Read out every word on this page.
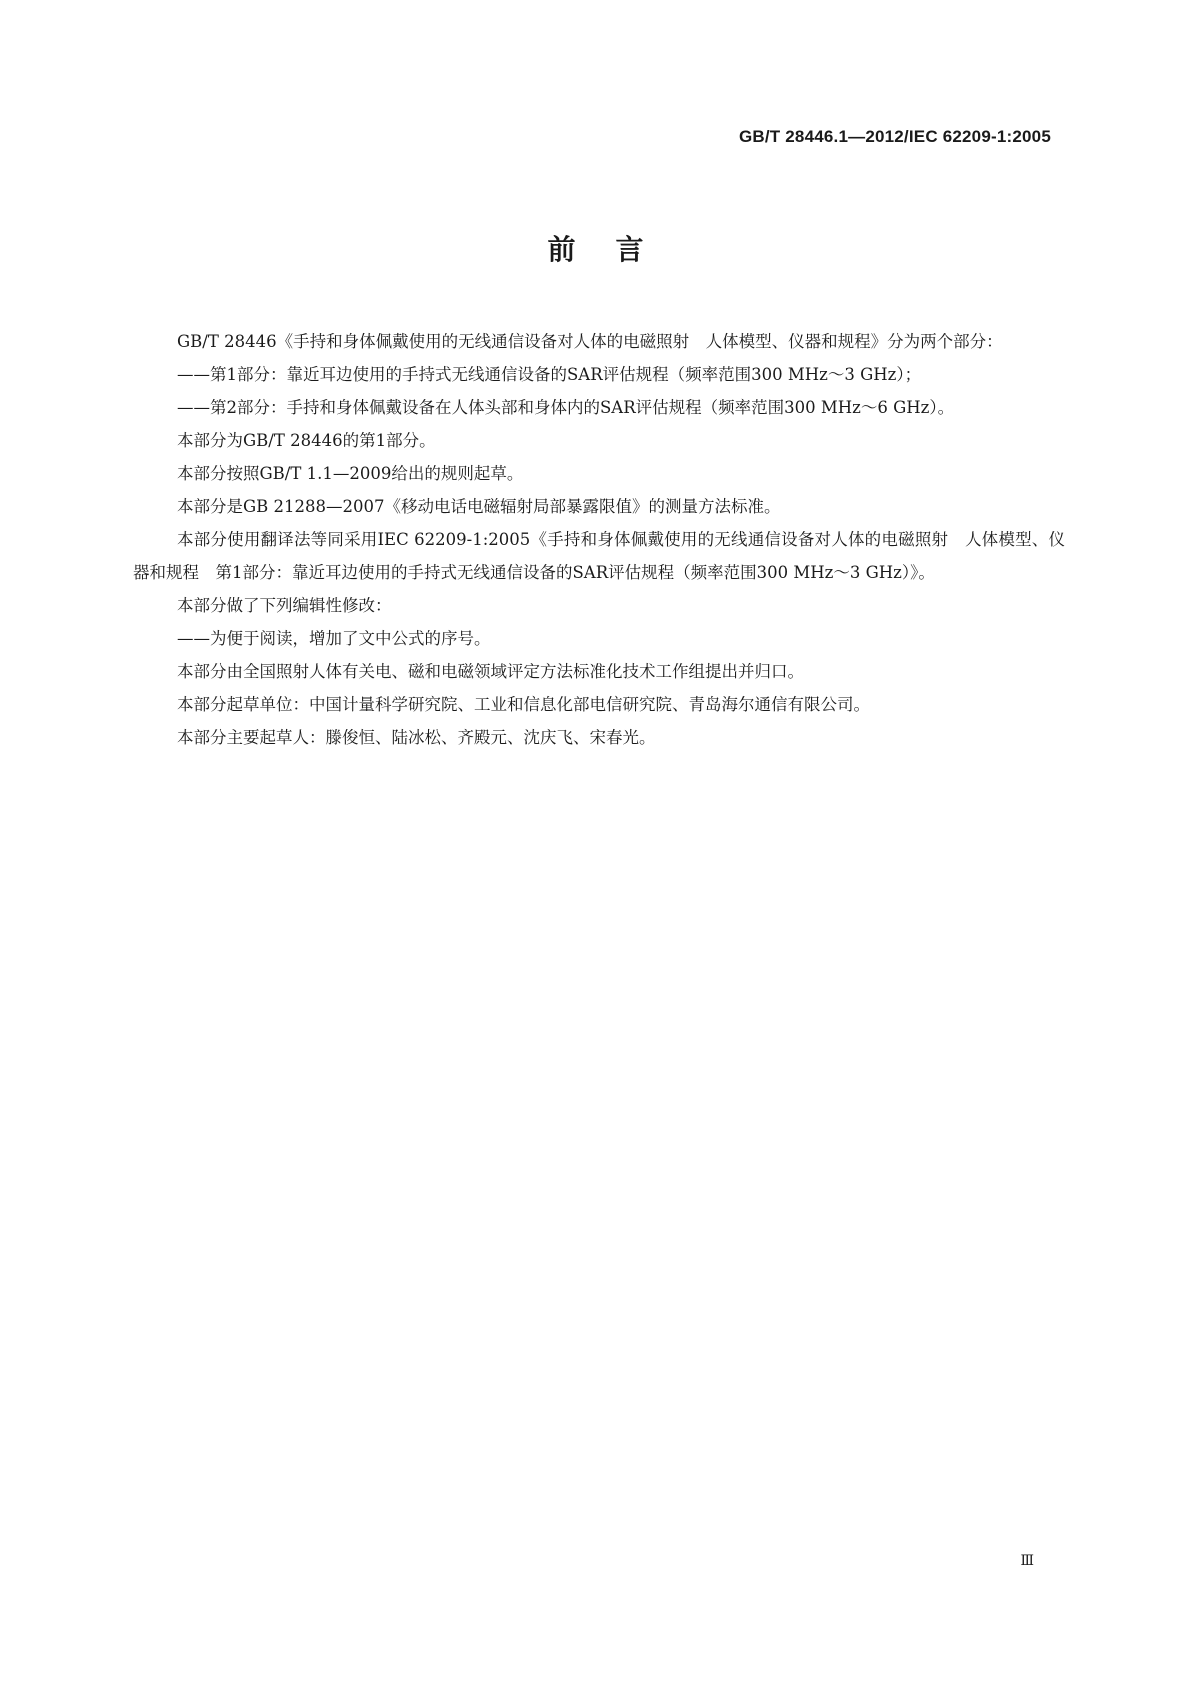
GB/T 28446.1—2012/IEC 62209-1:2005
前言

GB/T 28446《手持和身体佩戴使用的无线通信设备对人体的电磁照射　人体模型、仪器和规程》分为两个部分：

——第1部分：靠近耳边使用的手持式无线通信设备的SAR评估规程（频率范围300 MHz～3 GHz）；

——第2部分：手持和身体佩戴设备在人体头部和身体内的SAR评估规程（频率范围300 MHz～6 GHz）。

本部分为GB/T 28446的第1部分。

本部分按照GB/T 1.1—2009给出的规则起草。

本部分是GB 21288—2007《移动电话电磁辐射局部暴露限值》的测量方法标准。

本部分使用翻译法等同采用IEC 62209-1:2005《手持和身体佩戴使用的无线通信设备对人体的电磁照射　人体模型、仪器和规程　第1部分：靠近耳边使用的手持式无线通信设备的SAR评估规程（频率范围300 MHz～3 GHz）》。

本部分做了下列编辑性修改：

——为便于阅读，增加了文中公式的序号。

本部分由全国照射人体有关电、磁和电磁领域评定方法标准化技术工作组提出并归口。

本部分起草单位：中国计量科学研究院、工业和信息化部电信研究院、青岛海尔通信有限公司。

本部分主要起草人：滕俊恒、陆冰松、齐殿元、沈庆飞、宋春光。

Ⅲ
